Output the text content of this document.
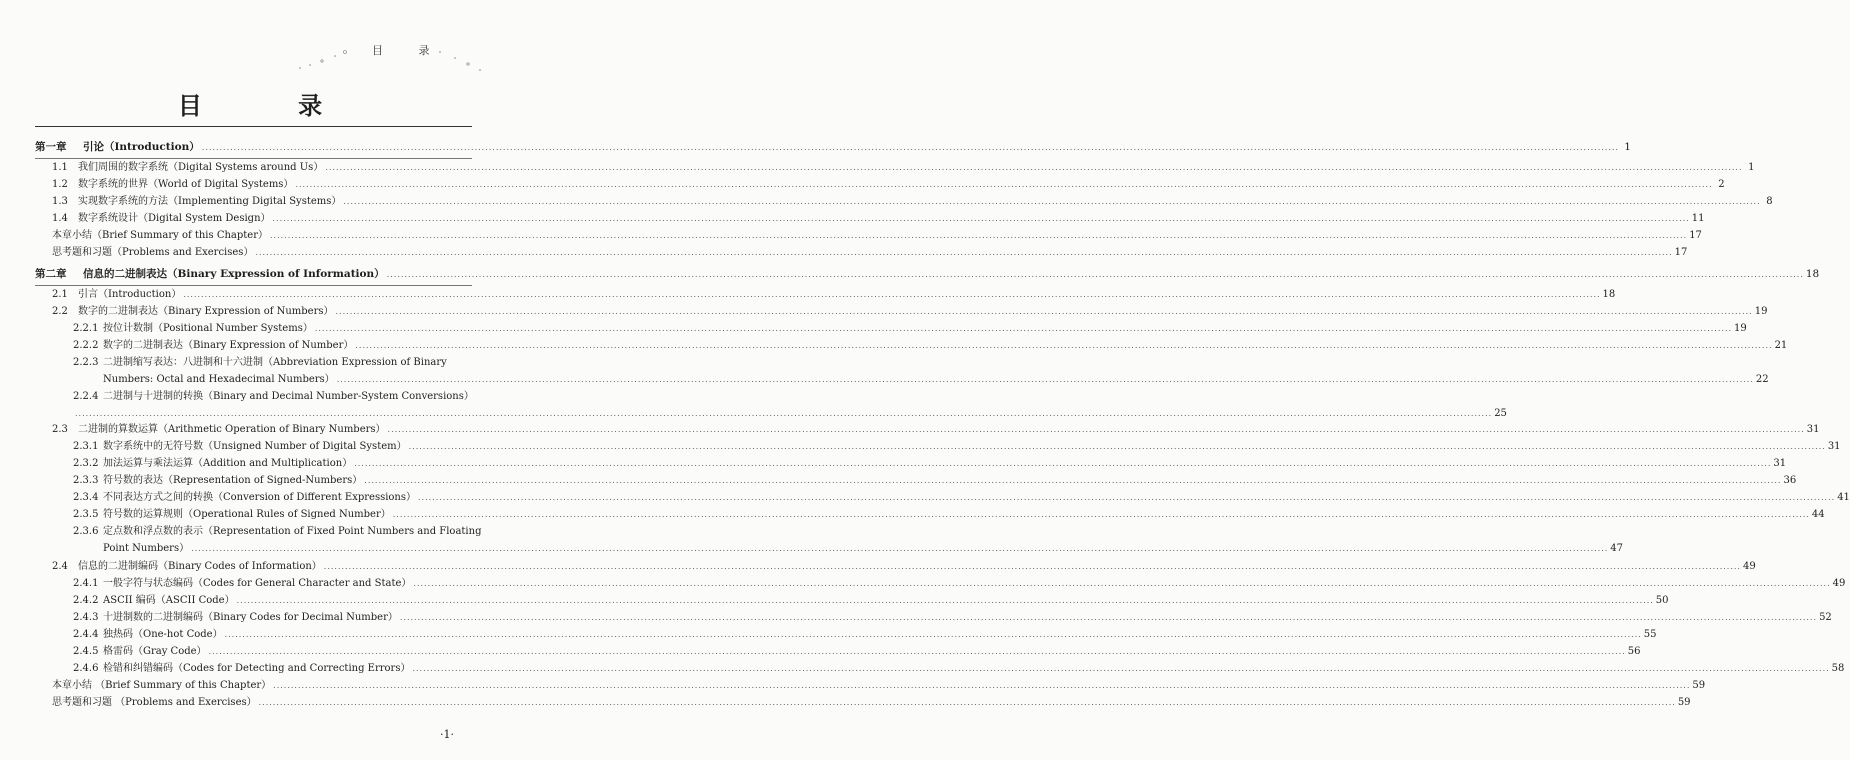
目 录
目 录
第一章	引论（Introduction） ................................................................................................................................................................................................................................................................................................................................................................................................................ 1
1.1	我们周围的数字系统（Digital Systems around Us） ................................................................................................................................................................................................................................................................................................................................................................................................................ 1
1.2	数字系统的世界（World of Digital Systems） ................................................................................................................................................................................................................................................................................................................................................................................................................ 2
1.3	实现数字系统的方法（Implementing Digital Systems） ................................................................................................................................................................................................................................................................................................................................................................................................................ 8
1.4	数字系统设计（Digital System Design） ................................................................................................................................................................................................................................................................................................................................................................................................................ 11
本章小结（Brief Summary of this Chapter） ................................................................................................................................................................................................................................................................................................................................................................................................................ 17
思考题和习题（Problems and Exercises） ................................................................................................................................................................................................................................................................................................................................................................................................................ 17
第二章	信息的二进制表达（Binary Expression of Information） ................................................................................................................................................................................................................................................................................................................................................................................................................ 18
2.1	引言（Introduction） ................................................................................................................................................................................................................................................................................................................................................................................................................ 18
2.2	数字的二进制表达（Binary Expression of Numbers） ................................................................................................................................................................................................................................................................................................................................................................................................................ 19
2.2.1 按位计数制（Positional Number Systems） ................................................................................................................................................................................................................................................................................................................................................................................................................ 19
2.2.2 数字的二进制表达（Binary Expression of Number） ................................................................................................................................................................................................................................................................................................................................................................................................................ 21
2.2.3 二进制缩写表达：八进制和十六进制（Abbreviation Expression of Binary
Numbers: Octal and Hexadecimal Numbers） ................................................................................................................................................................................................................................................................................................................................................................................................................ 22
2.2.4 二进制与十进制的转换（Binary and Decimal Number-System Conversions）
................................................................................................................................................................................................................................................................................................................................................................................................................ 25
2.3	二进制的算数运算（Arithmetic Operation of Binary Numbers） ................................................................................................................................................................................................................................................................................................................................................................................................................ 31
2.3.1 数字系统中的无符号数（Unsigned Number of Digital System） ................................................................................................................................................................................................................................................................................................................................................................................................................ 31
2.3.2 加法运算与乘法运算（Addition and Multiplication） ................................................................................................................................................................................................................................................................................................................................................................................................................ 31
2.3.3 符号数的表达（Representation of Signed-Numbers） ................................................................................................................................................................................................................................................................................................................................................................................................................ 36
2.3.4 不同表达方式之间的转换（Conversion of Different Expressions） ................................................................................................................................................................................................................................................................................................................................................................................................................ 41
2.3.5 符号数的运算规则（Operational Rules of Signed Number） ................................................................................................................................................................................................................................................................................................................................................................................................................ 44
2.3.6 定点数和浮点数的表示（Representation of Fixed Point Numbers and Floating
Point Numbers） ................................................................................................................................................................................................................................................................................................................................................................................................................ 47
2.4	信息的二进制编码（Binary Codes of Information） ................................................................................................................................................................................................................................................................................................................................................................................................................ 49
2.4.1 一般字符与状态编码（Codes for General Character and State） ................................................................................................................................................................................................................................................................................................................................................................................................................ 49
2.4.2 ASCII 编码（ASCII Code） ................................................................................................................................................................................................................................................................................................................................................................................................................ 50
2.4.3 十进制数的二进制编码（Binary Codes for Decimal Number） ................................................................................................................................................................................................................................................................................................................................................................................................................ 52
2.4.4 独热码（One-hot Code） ................................................................................................................................................................................................................................................................................................................................................................................................................ 55
2.4.5 格雷码（Gray Code） ................................................................................................................................................................................................................................................................................................................................................................................................................ 56
2.4.6 检错和纠错编码（Codes for Detecting and Correcting Errors） ................................................................................................................................................................................................................................................................................................................................................................................................................ 58
本章小结 （Brief Summary of this Chapter） ................................................................................................................................................................................................................................................................................................................................................................................................................ 59
思考题和习题 （Problems and Exercises） ................................................................................................................................................................................................................................................................................................................................................................................................................ 59
·1·
